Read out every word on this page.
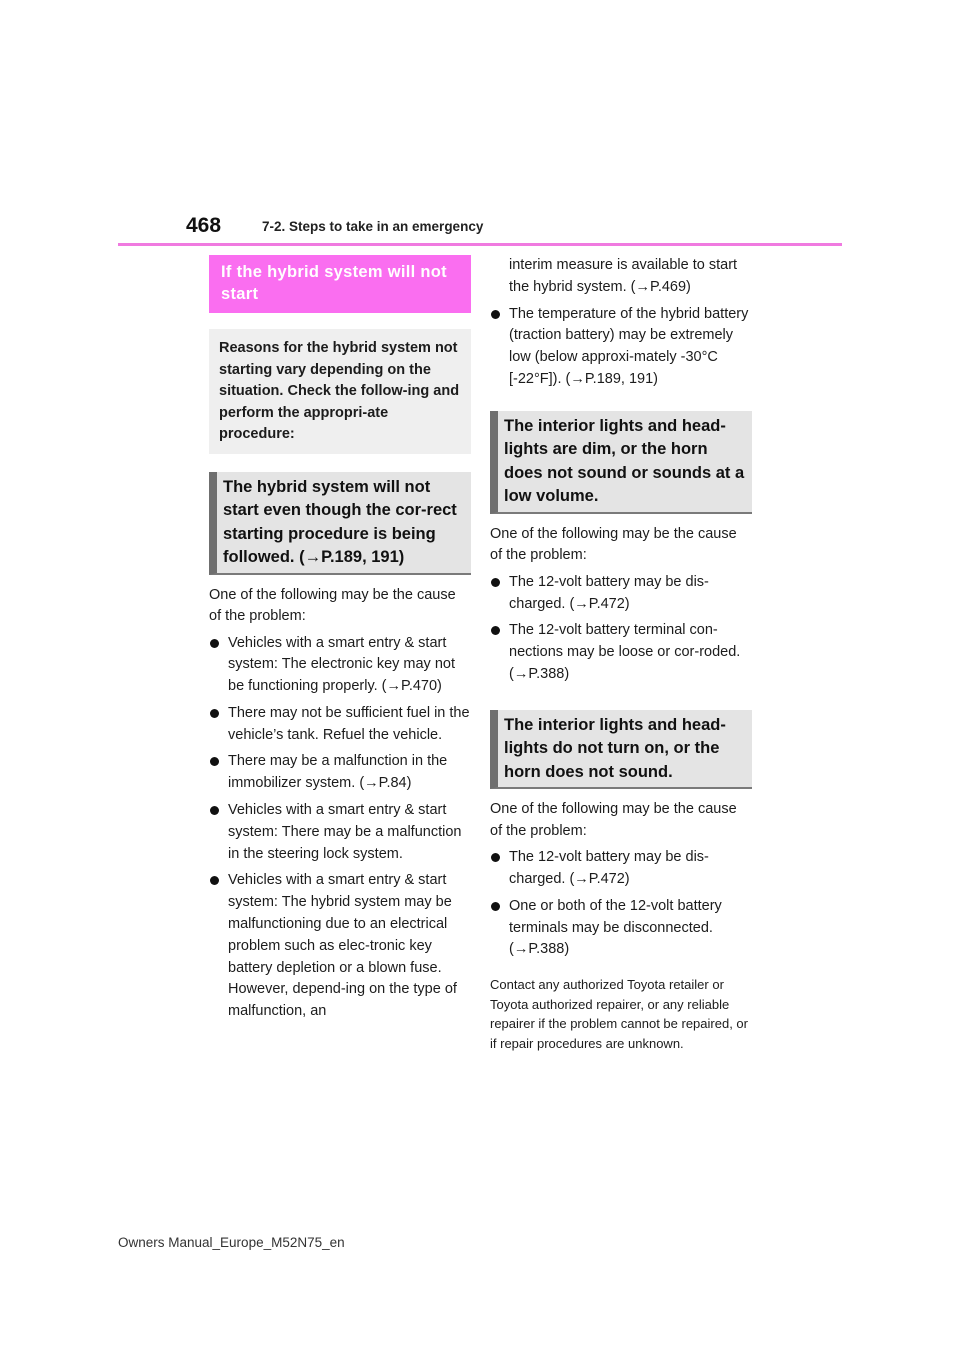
468	7-2. Steps to take in an emergency
If the hybrid system will not start
Reasons for the hybrid system not starting vary depending on the situation. Check the follow-ing and perform the appropri-ate procedure:
The hybrid system will not start even though the cor-rect starting procedure is being followed. (→P.189, 191)

One of the following may be the cause of the problem:

Vehicles with a smart entry & start system: The electronic key may not be functioning properly. (→P.470)
There may not be sufficient fuel in the vehicle’s tank. Refuel the vehicle.
There may be a malfunction in the immobilizer system. (→P.84)
Vehicles with a smart entry & start system: There may be a malfunction in the steering lock system.
Vehicles with a smart entry & start system: The hybrid system may be malfunctioning due to an electrical problem such as elec-tronic key battery depletion or a blown fuse. However, depend-ing on the type of malfunction, an

interim measure is available to start the hybrid system. (→P.469)

The temperature of the hybrid battery (traction battery) may be extremely low (below approxi-mately -30°C [-22°F]). (→P.189, 191)
The interior lights and head-lights are dim, or the horn does not sound or sounds at a low volume.

One of the following may be the cause of the problem:

The 12-volt battery may be dis-charged. (→P.472)
The 12-volt battery terminal con-nections may be loose or cor-roded. (→P.388)
The interior lights and head-lights do not turn on, or the horn does not sound.

One of the following may be the cause of the problem:

The 12-volt battery may be dis-charged. (→P.472)
One or both of the 12-volt battery terminals may be disconnected. (→P.388)

Contact any authorized Toyota retailer or Toyota authorized repairer, or any reliable repairer if the problem cannot be repaired, or if repair procedures are unknown.

Owners Manual_Europe_M52N75_en
